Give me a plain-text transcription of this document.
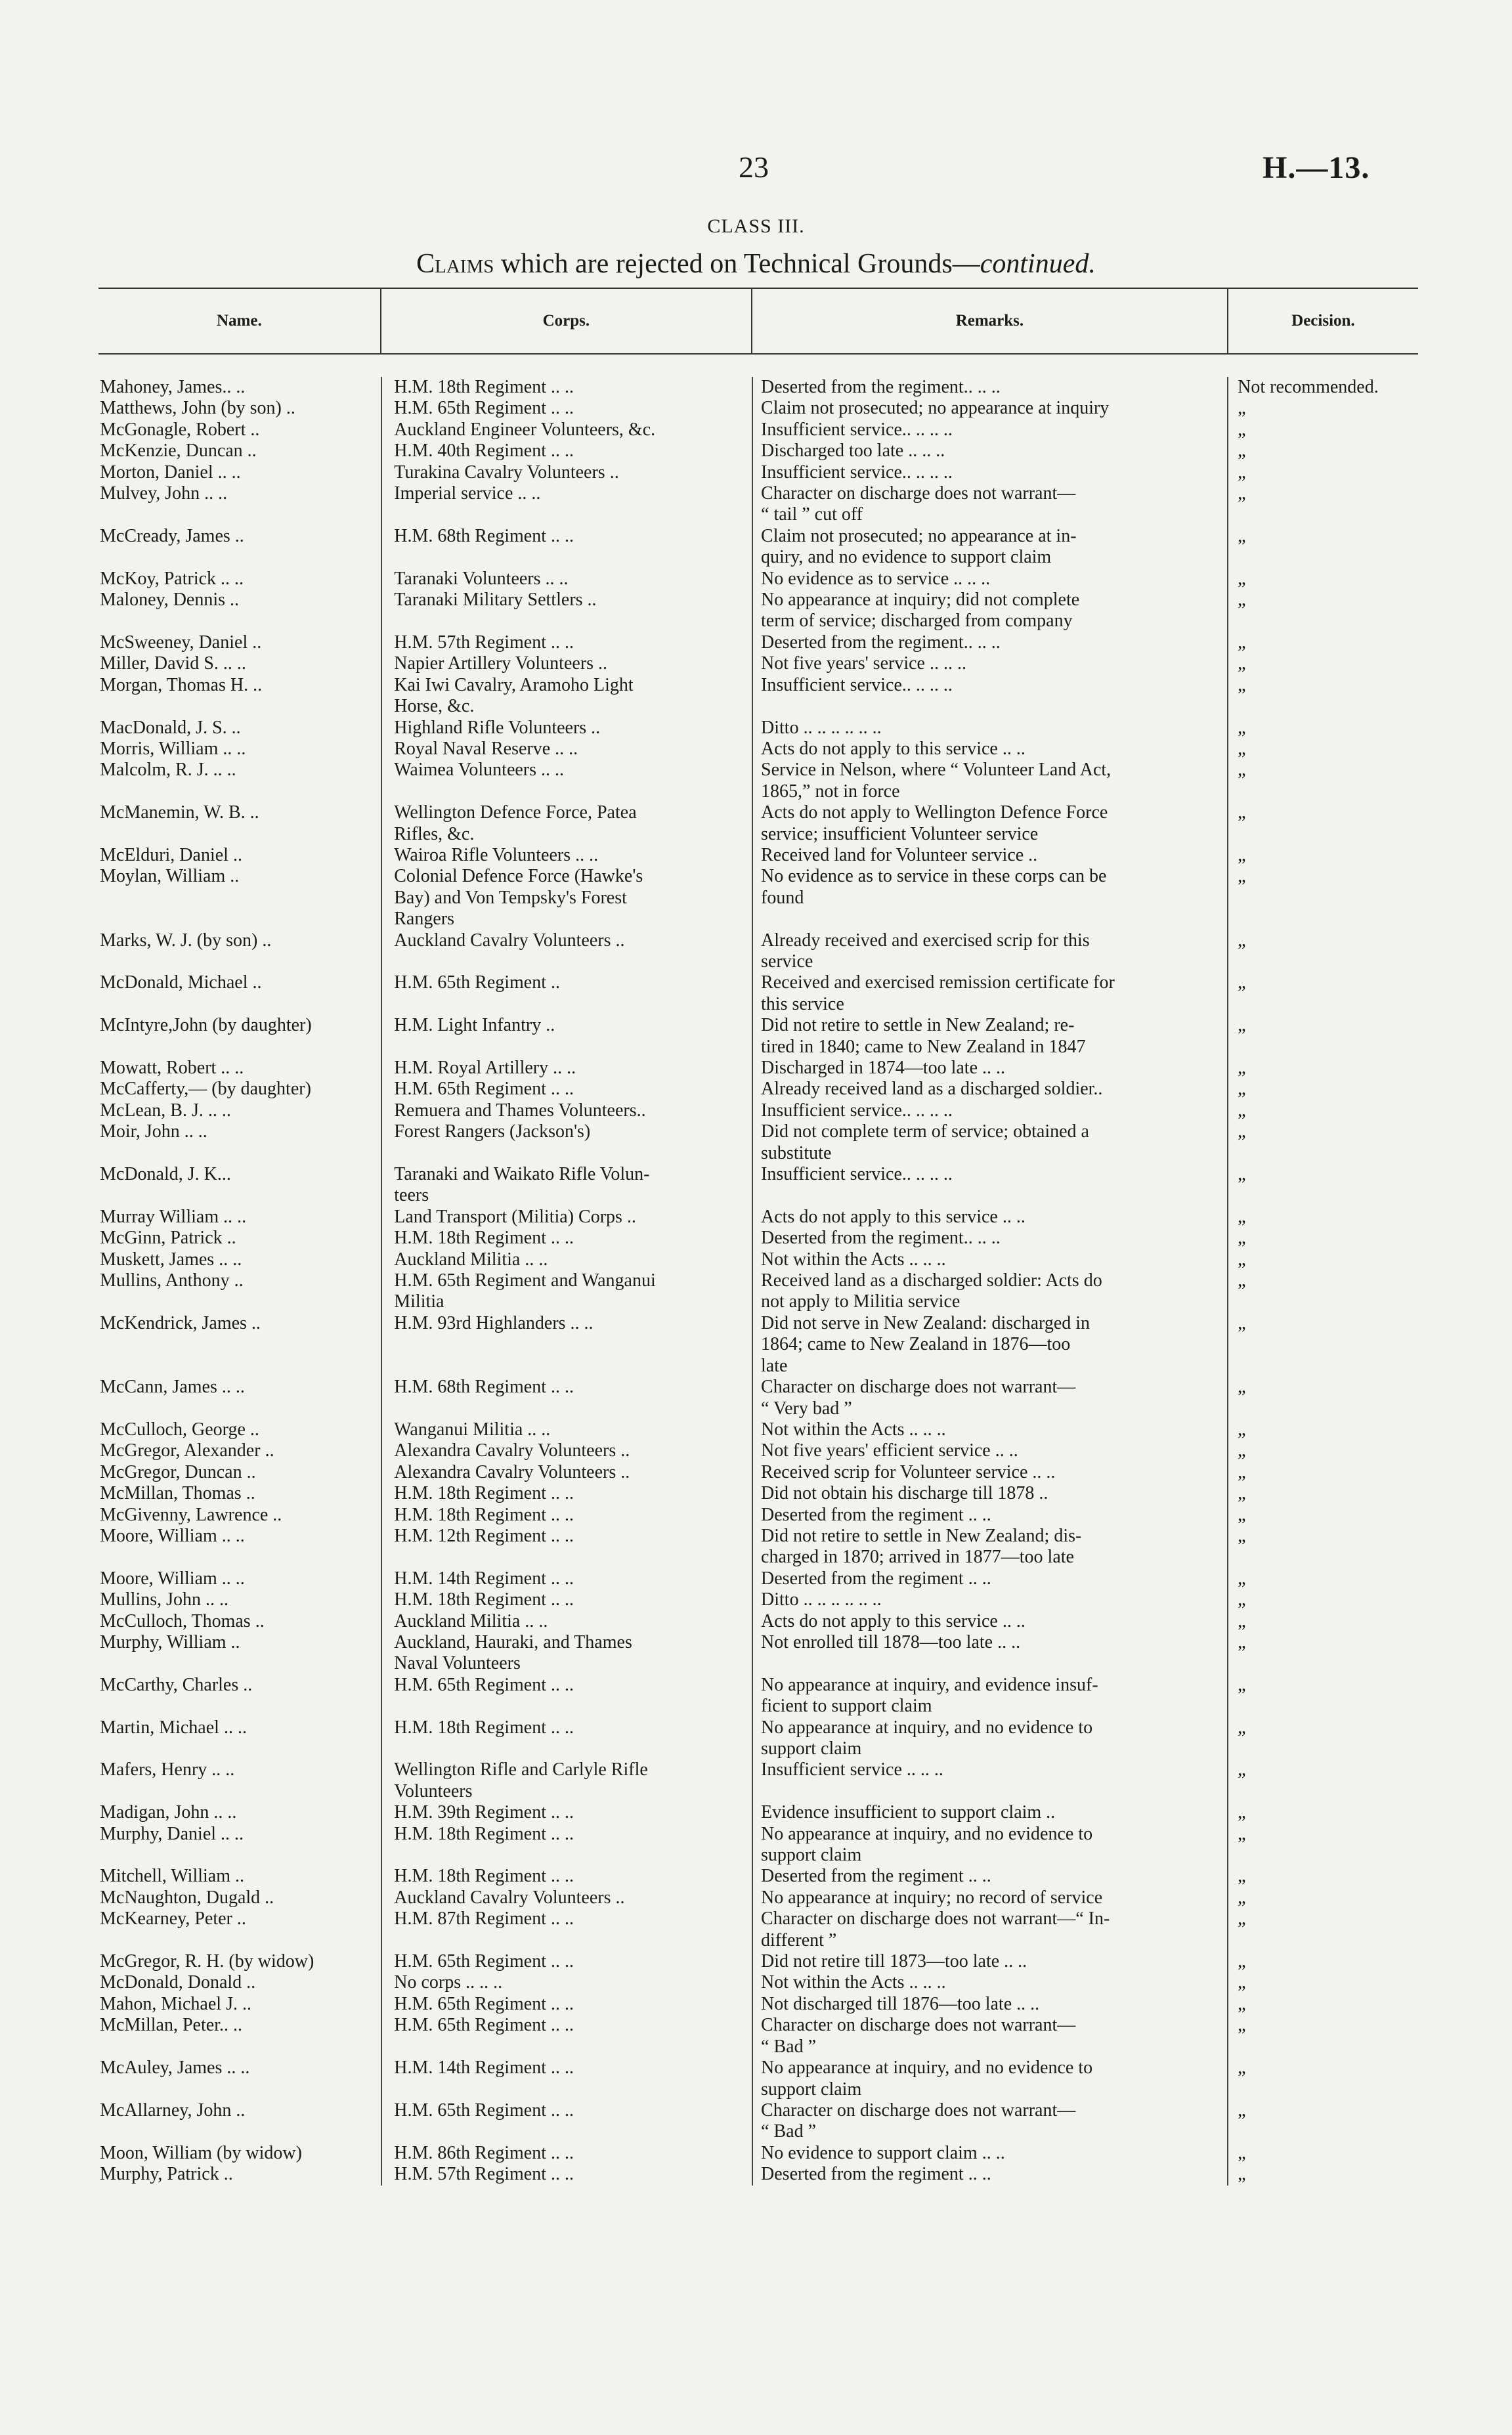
23	H.—13.
CLASS III.
Claims which are rejected on Technical Grounds—continued.
Name.	Corps.	Remarks.	Decision.
Mahoney, James.. ..	H.M. 18th Regiment .. ..	Deserted from the regiment.. .. ..	Not recommended.
Matthews, John (by son) ..	H.M. 65th Regiment .. ..	Claim not prosecuted; no appearance at inquiry	„
McGonagle, Robert ..	Auckland Engineer Volunteers, &c.	Insufficient service.. .. .. ..	„
McKenzie, Duncan ..	H.M. 40th Regiment .. ..	Discharged too late .. .. ..	„
Morton, Daniel .. ..	Turakina Cavalry Volunteers ..	Insufficient service.. .. .. ..	„
Mulvey, John .. ..	Imperial service .. ..	Character on discharge does not warrant—	„
“ tail ” cut off
McCready, James ..	H.M. 68th Regiment .. ..	Claim not prosecuted; no appearance at in-	„
quiry, and no evidence to support claim
McKoy, Patrick .. ..	Taranaki Volunteers .. ..	No evidence as to service .. .. ..	„
Maloney, Dennis ..	Taranaki Military Settlers ..	No appearance at inquiry; did not complete	„
term of service; discharged from company
McSweeney, Daniel ..	H.M. 57th Regiment .. ..	Deserted from the regiment.. .. ..	„
Miller, David S. .. ..	Napier Artillery Volunteers ..	Not five years' service .. .. ..	„
Morgan, Thomas H. ..	Kai Iwi Cavalry, Aramoho Light	Insufficient service.. .. .. ..	„
Horse, &c.
MacDonald, J. S. ..	Highland Rifle Volunteers ..	Ditto .. .. .. .. .. ..	„
Morris, William .. ..	Royal Naval Reserve .. ..	Acts do not apply to this service .. ..	„
Malcolm, R. J. .. ..	Waimea Volunteers .. ..	Service in Nelson, where “ Volunteer Land Act,	„
1865,” not in force
McManemin, W. B. ..	Wellington Defence Force, Patea	Acts do not apply to Wellington Defence Force	„
Rifles, &c.	service; insufficient Volunteer service
McElduri, Daniel ..	Wairoa Rifle Volunteers .. ..	Received land for Volunteer service ..	„
Moylan, William ..	Colonial Defence Force (Hawke's	No evidence as to service in these corps can be	„
Bay) and Von Tempsky's Forest	found
Rangers
Marks, W. J. (by son) ..	Auckland Cavalry Volunteers ..	Already received and exercised scrip for this	„
service
McDonald, Michael ..	H.M. 65th Regiment ..	Received and exercised remission certificate for	„
this service
McIntyre,John (by daughter)	H.M. Light Infantry ..	Did not retire to settle in New Zealand; re-	„
tired in 1840; came to New Zealand in 1847
Mowatt, Robert .. ..	H.M. Royal Artillery .. ..	Discharged in 1874—too late .. ..	„
McCafferty,— (by daughter)	H.M. 65th Regiment .. ..	Already received land as a discharged soldier..	„
McLean, B. J. .. ..	Remuera and Thames Volunteers..	Insufficient service.. .. .. ..	„
Moir, John .. ..	Forest Rangers (Jackson's)	Did not complete term of service; obtained a	„
substitute
McDonald, J. K...	Taranaki and Waikato Rifle Volun-	Insufficient service.. .. .. ..	„
teers
Murray William .. ..	Land Transport (Militia) Corps ..	Acts do not apply to this service .. ..	„
McGinn, Patrick ..	H.M. 18th Regiment .. ..	Deserted from the regiment.. .. ..	„
Muskett, James .. ..	Auckland Militia .. ..	Not within the Acts .. .. ..	„
Mullins, Anthony ..	H.M. 65th Regiment and Wanganui	Received land as a discharged soldier: Acts do	„
Militia	not apply to Militia service
McKendrick, James ..	H.M. 93rd Highlanders .. ..	Did not serve in New Zealand: discharged in	„
1864; came to New Zealand in 1876—too
late
McCann, James .. ..	H.M. 68th Regiment .. ..	Character on discharge does not warrant—	„
“ Very bad ”
McCulloch, George ..	Wanganui Militia .. ..	Not within the Acts .. .. ..	„
McGregor, Alexander ..	Alexandra Cavalry Volunteers ..	Not five years' efficient service .. ..	„
McGregor, Duncan ..	Alexandra Cavalry Volunteers ..	Received scrip for Volunteer service .. ..	„
McMillan, Thomas ..	H.M. 18th Regiment .. ..	Did not obtain his discharge till 1878 ..	„
McGivenny, Lawrence ..	H.M. 18th Regiment .. ..	Deserted from the regiment .. ..	„
Moore, William .. ..	H.M. 12th Regiment .. ..	Did not retire to settle in New Zealand; dis-	„
charged in 1870; arrived in 1877—too late
Moore, William .. ..	H.M. 14th Regiment .. ..	Deserted from the regiment .. ..	„
Mullins, John .. ..	H.M. 18th Regiment .. ..	Ditto .. .. .. .. .. ..	„
McCulloch, Thomas ..	Auckland Militia .. ..	Acts do not apply to this service .. ..	„
Murphy, William ..	Auckland, Hauraki, and Thames	Not enrolled till 1878—too late .. ..	„
Naval Volunteers
McCarthy, Charles ..	H.M. 65th Regiment .. ..	No appearance at inquiry, and evidence insuf-	„
ficient to support claim
Martin, Michael .. ..	H.M. 18th Regiment .. ..	No appearance at inquiry, and no evidence to	„
support claim
Mafers, Henry .. ..	Wellington Rifle and Carlyle Rifle	Insufficient service .. .. ..	„
Volunteers
Madigan, John .. ..	H.M. 39th Regiment .. ..	Evidence insufficient to support claim ..	„
Murphy, Daniel .. ..	H.M. 18th Regiment .. ..	No appearance at inquiry, and no evidence to	„
support claim
Mitchell, William ..	H.M. 18th Regiment .. ..	Deserted from the regiment .. ..	„
McNaughton, Dugald ..	Auckland Cavalry Volunteers ..	No appearance at inquiry; no record of service	„
McKearney, Peter ..	H.M. 87th Regiment .. ..	Character on discharge does not warrant—“ In-	„
different ”
McGregor, R. H. (by widow)	H.M. 65th Regiment .. ..	Did not retire till 1873—too late .. ..	„
McDonald, Donald ..	No corps .. .. ..	Not within the Acts .. .. ..	„
Mahon, Michael J. ..	H.M. 65th Regiment .. ..	Not discharged till 1876—too late .. ..	„
McMillan, Peter.. ..	H.M. 65th Regiment .. ..	Character on discharge does not warrant—	„
“ Bad ”
McAuley, James .. ..	H.M. 14th Regiment .. ..	No appearance at inquiry, and no evidence to	„
support claim
McAllarney, John ..	H.M. 65th Regiment .. ..	Character on discharge does not warrant—	„
“ Bad ”
Moon, William (by widow)	H.M. 86th Regiment .. ..	No evidence to support claim .. ..	„
Murphy, Patrick ..	H.M. 57th Regiment .. ..	Deserted from the regiment .. ..	„
